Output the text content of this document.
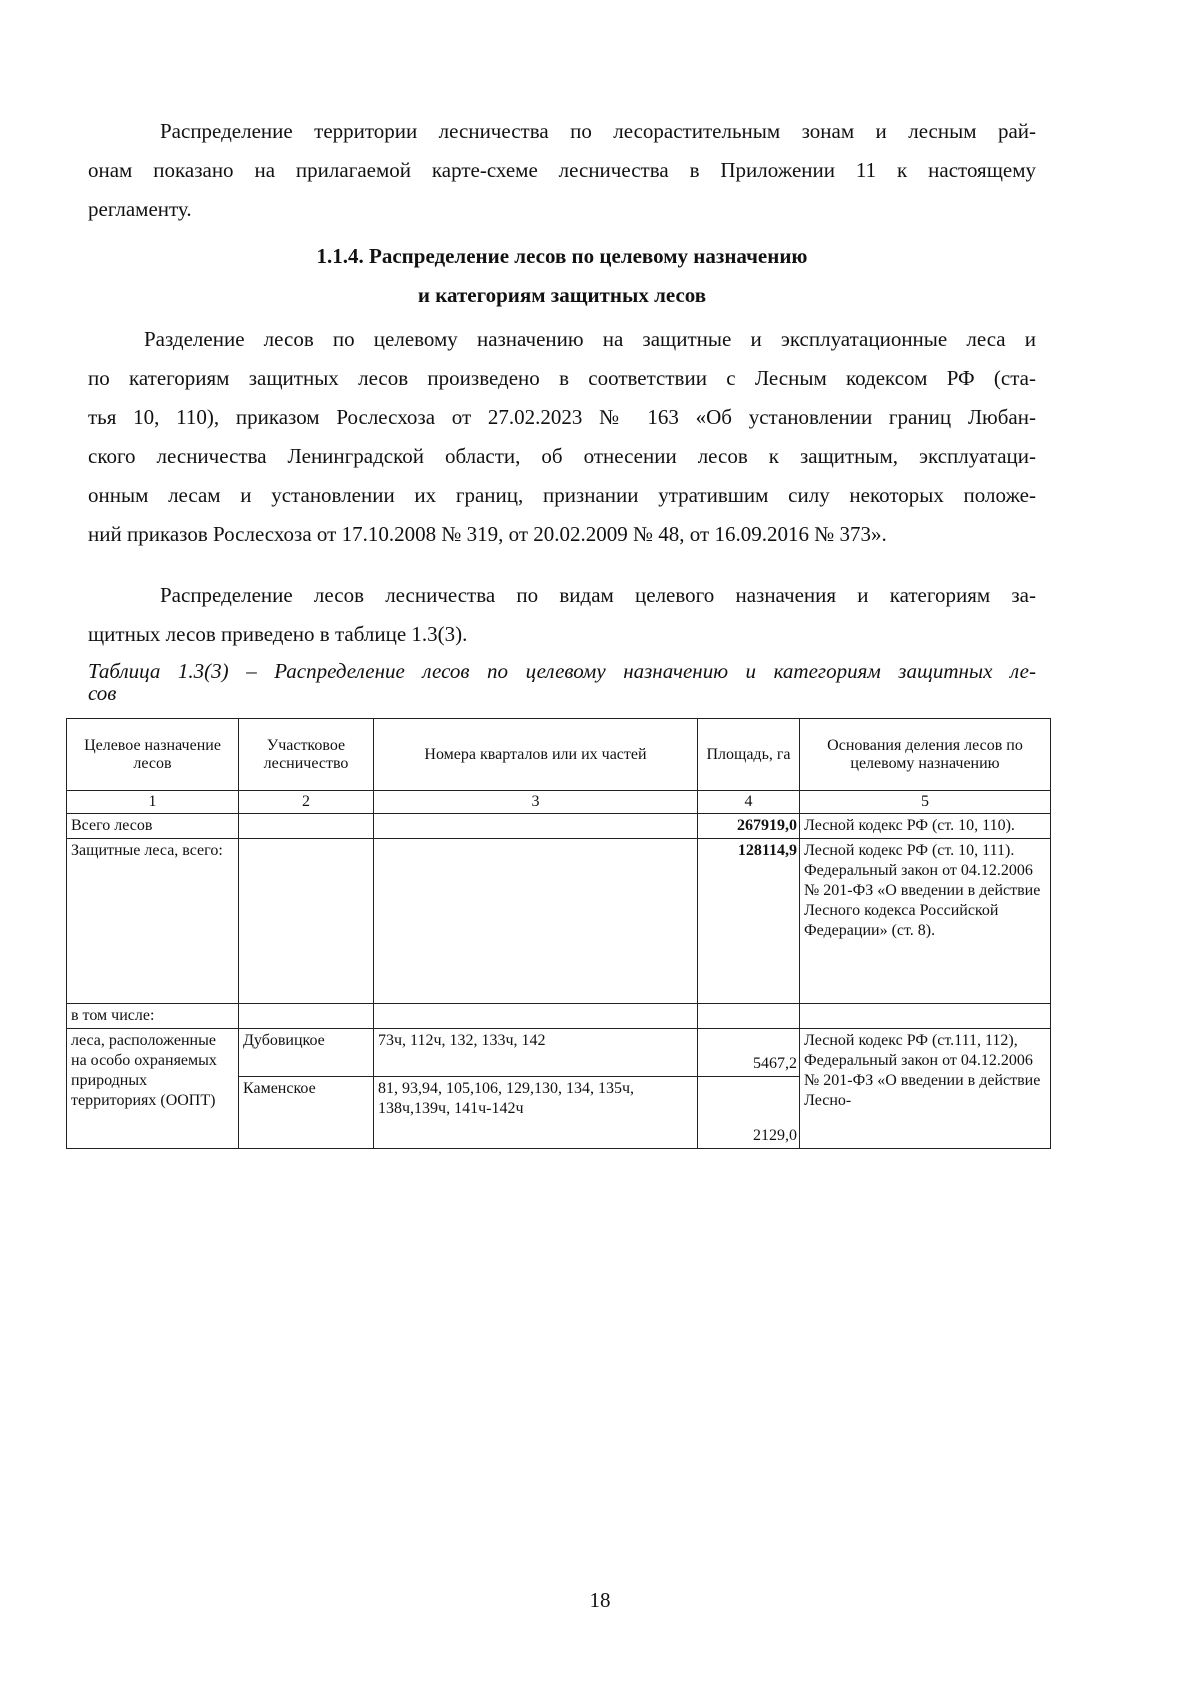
Распределение территории лесничества по лесорастительным зонам и лесным рай-
онам показано на прилагаемой карте-схеме лесничества в Приложении 11 к настоящему
регламенту.

1.1.4. Распределение лесов по целевому назначению

и категориям защитных лесов

Разделение лесов по целевому назначению на защитные и эксплуатационные леса и
по категориям защитных лесов произведено в соответствии с Лесным кодексом РФ (ста-
тья 10, 110), приказом Рослесхоза от 27.02.2023 № 163 «Об установлении границ Любан-
ского лесничества Ленинградской области, об отнесении лесов к защитным, эксплуатаци-
онным лесам и установлении их границ, признании утратившим силу некоторых положе-
ний приказов Рослесхоза от 17.10.2008 № 319, от 20.02.2009 № 48, от 16.09.2016 № 373».

Распределение лесов лесничества по видам целевого назначения и категориям за-
щитных лесов приведено в таблице 1.3(3).

Таблица 1.3(3) – Распределение лесов по целевому назначению и категориям защитных ле-
сов

Целевое назначение лесов	Участковое лесничество	Номера кварталов или их частей	Площадь, га	Основания деления лесов по целевому назначению
1	2	3	4	5
Всего лесов			267919,0	Лесной кодекс РФ (ст. 10, 110).
Защитные леса, всего:			128114,9	Лесной кодекс РФ (ст. 10, 111).
Федеральный закон от 04.12.2006 № 201-ФЗ «О введении в действие Лесного кодекса Российской Федерации» (ст. 8).

в том числе:				
леса, расположенные на особо охраняемых природных территориях (ООПТ)	Дубовицкое	73ч, 112ч, 132, 133ч, 142	5467,2	Лесной кодекс РФ (ст.111, 112), Федеральный закон от 04.12.2006 № 201-ФЗ «О введении в действие Лесно-
	Каменское	81, 93,94, 105,106, 129,130, 134, 135ч, 138ч,139ч, 141ч-142ч	2129,0	
18
